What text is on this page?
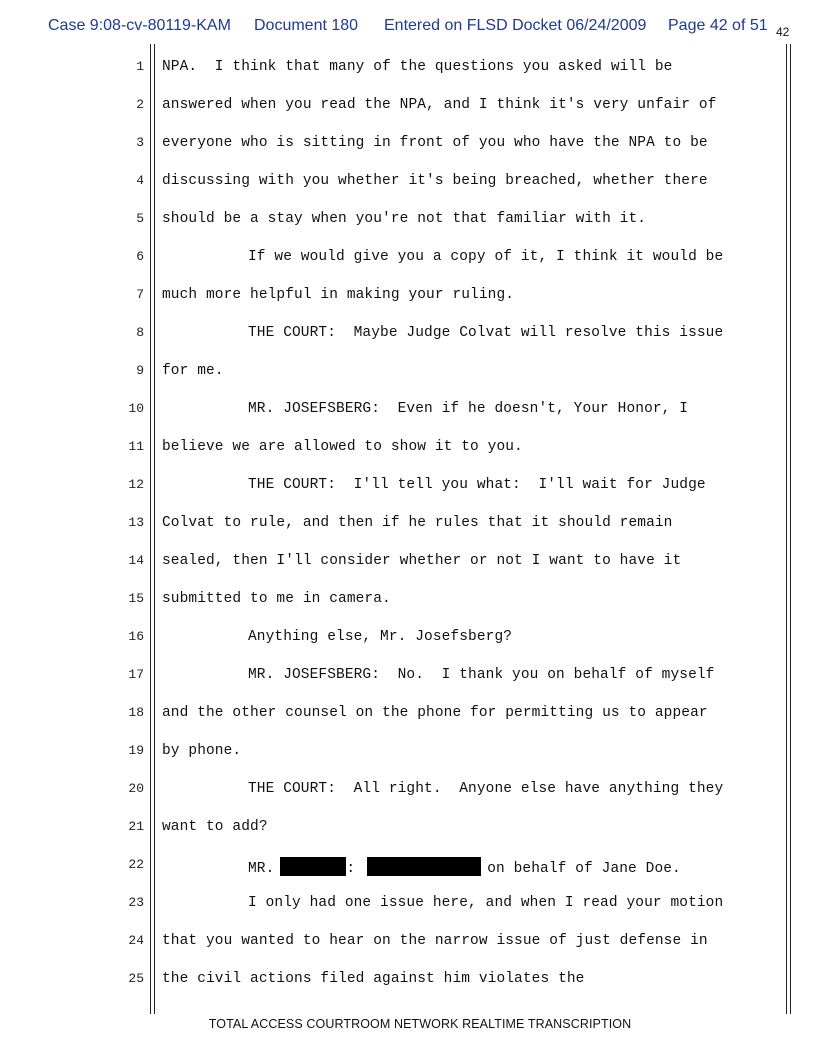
Case 9:08-cv-80119-KAM Document 180 Entered on FLSD Docket 06/24/2009 Page 42 of 51 42
1 NPA.  I think that many of the questions you asked will be
2 answered when you read the NPA, and I think it's very unfair of
3 everyone who is sitting in front of you who have the NPA to be
4 discussing with you whether it's being breached, whether there
5 should be a stay when you're not that familiar with it.
6	If we would give you a copy of it, I think it would be
7 much more helpful in making your ruling.
8	THE COURT:  Maybe Judge Colvat will resolve this issue
9 for me.
10	MR. JOSEFSBERG:  Even if he doesn't, Your Honor, I
11 believe we are allowed to show it to you.
12	THE COURT:  I'll tell you what:  I'll wait for Judge
13 Colvat to rule, and then if he rules that it should remain
14 sealed, then I'll consider whether or not I want to have it
15 submitted to me in camera.
16	Anything else, Mr. Josefsberg?
17	MR. JOSEFSBERG:  No.  I thank you on behalf of myself
18 and the other counsel on the phone for permitting us to appear
19 by phone.
20	THE COURT:  All right.  Anyone else have anything they
21 want to add?
22	MR.	:	on behalf of Jane Doe.
23	I only had one issue here, and when I read your motion
24 that you wanted to hear on the narrow issue of just defense in
25 the civil actions filed against him violates the
TOTAL ACCESS COURTROOM NETWORK REALTIME TRANSCRIPTION
